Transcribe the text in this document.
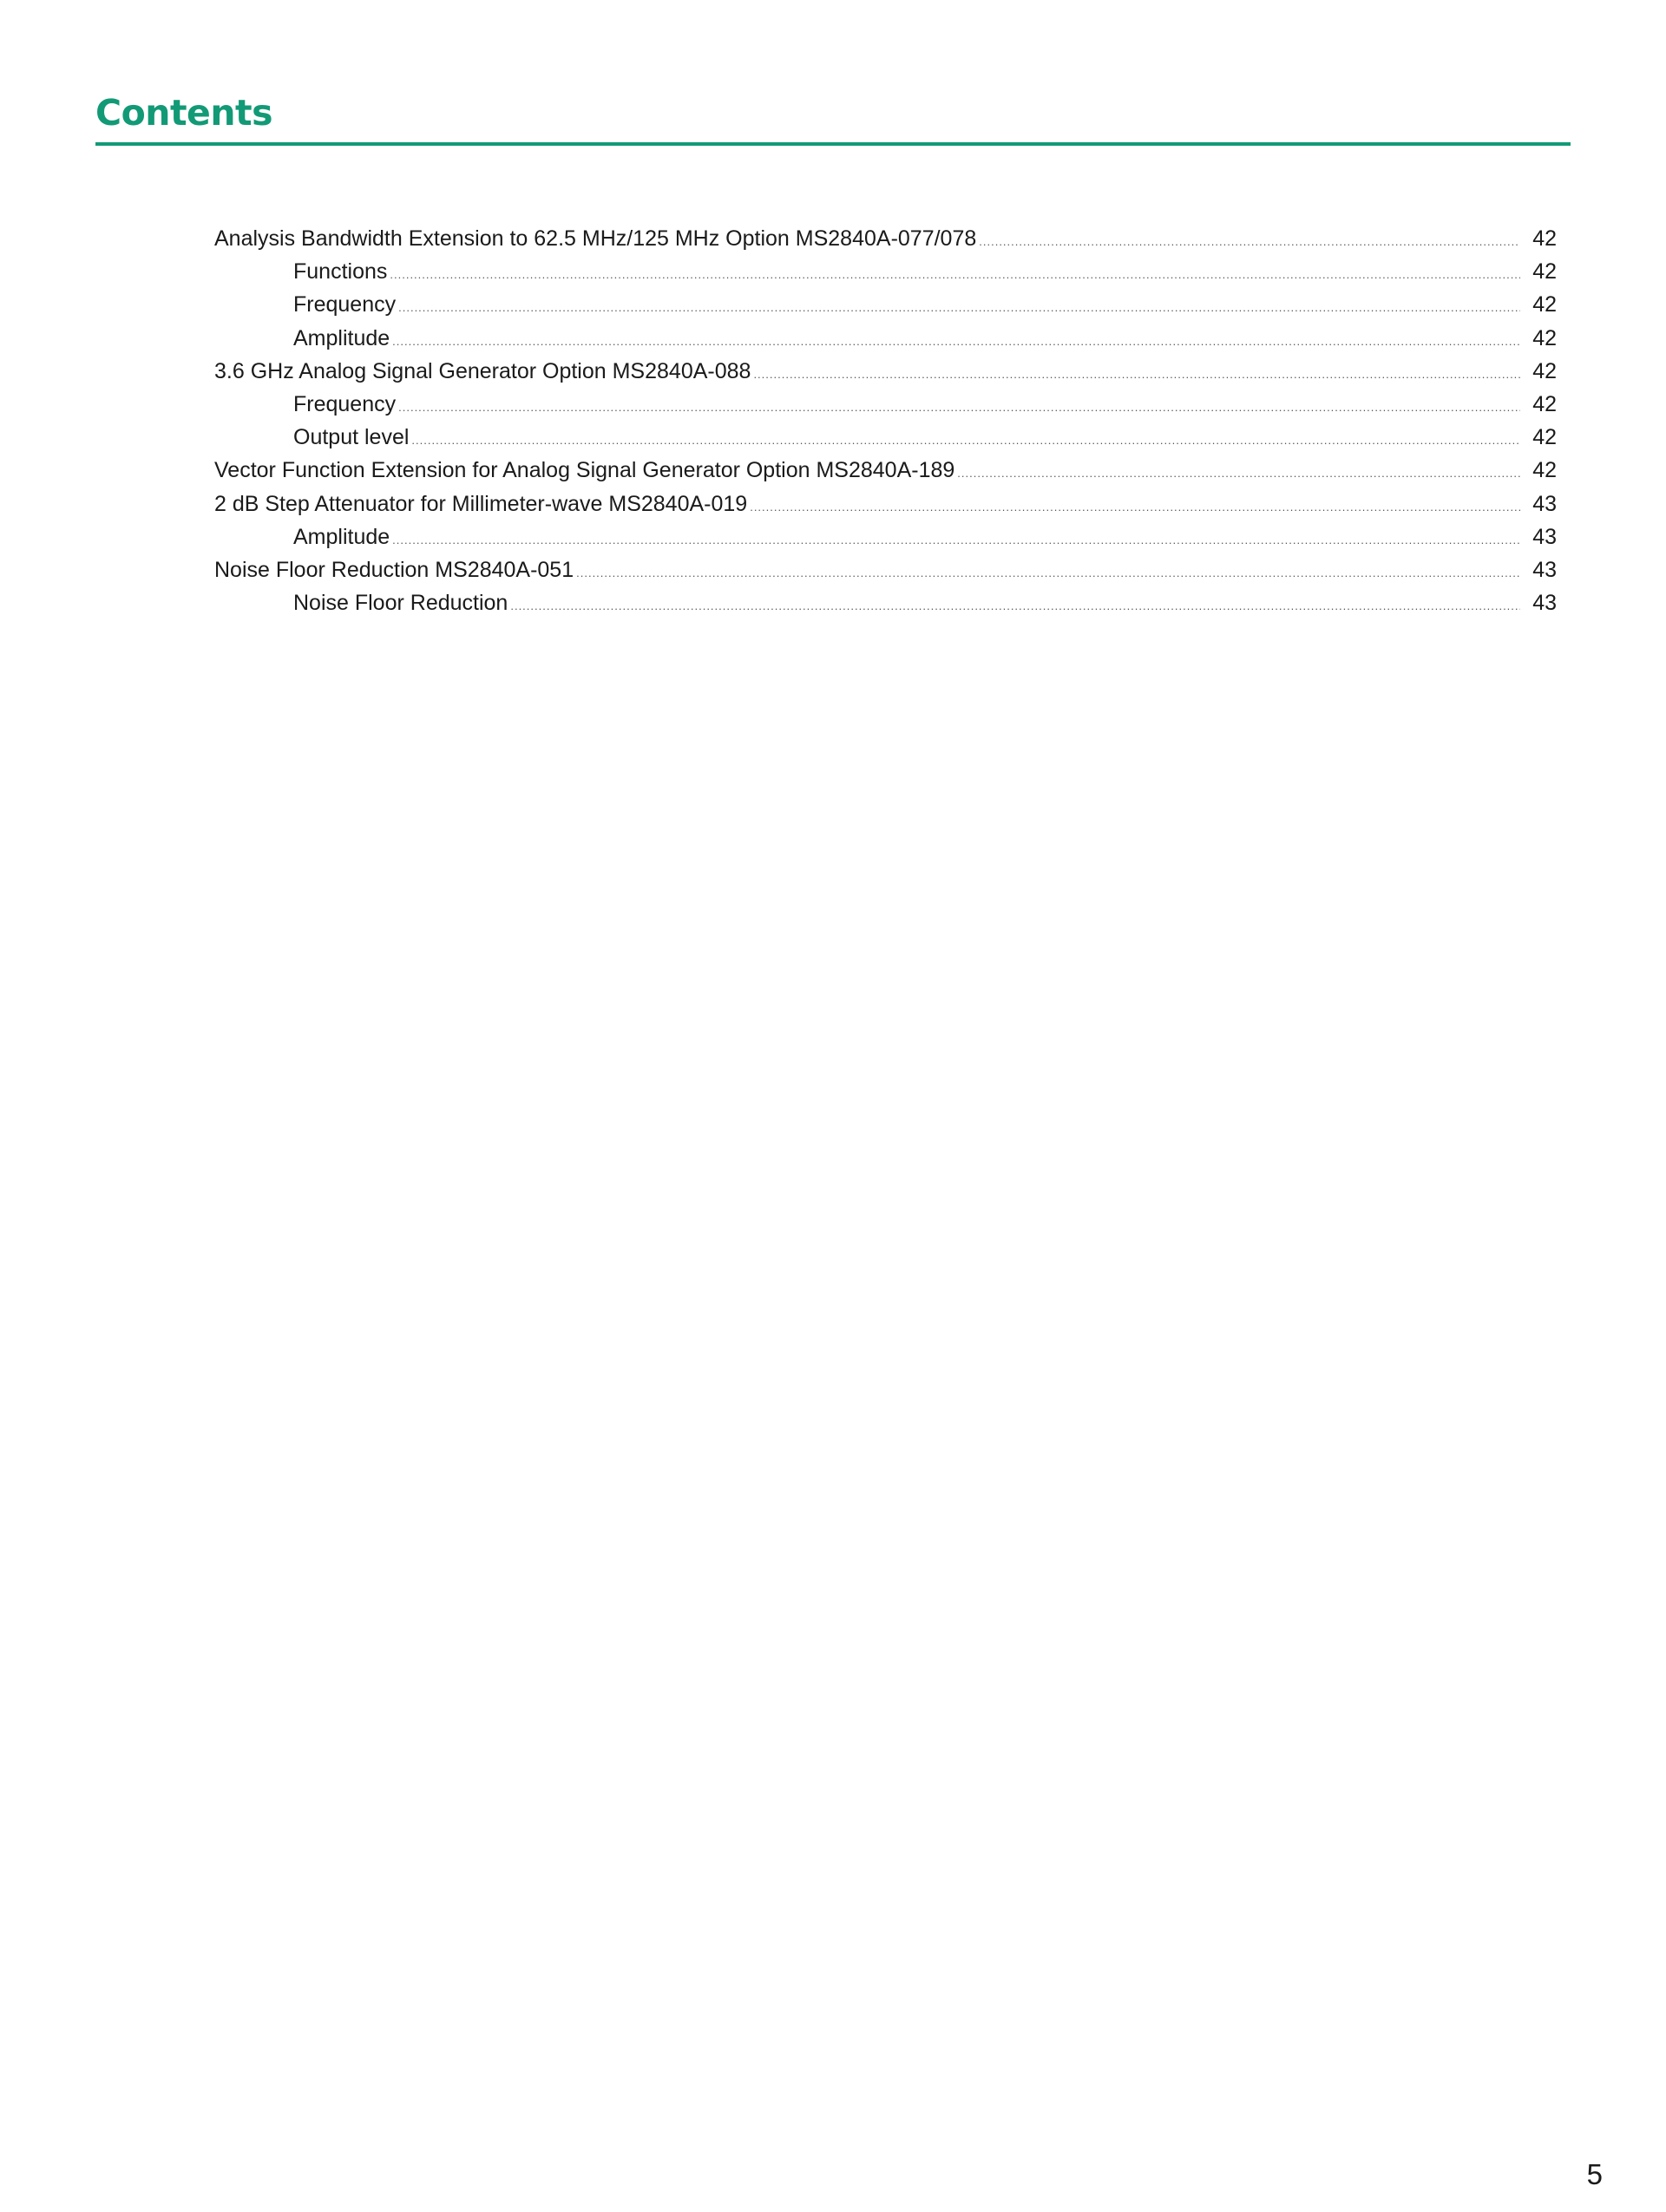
Contents
Analysis Bandwidth Extension to 62.5 MHz/125 MHz Option MS2840A-077/078 .....	42
Functions .....	42
Frequency .....	42
Amplitude .....	42
3.6 GHz Analog Signal Generator Option MS2840A-088 .....	42
Frequency .....	42
Output level .....	42
Vector Function Extension for Analog Signal Generator Option MS2840A-189 .....	42
2 dB Step Attenuator for Millimeter-wave MS2840A-019 .....	43
Amplitude .....	43
Noise Floor Reduction MS2840A-051 .....	43
Noise Floor Reduction .....	43
5
